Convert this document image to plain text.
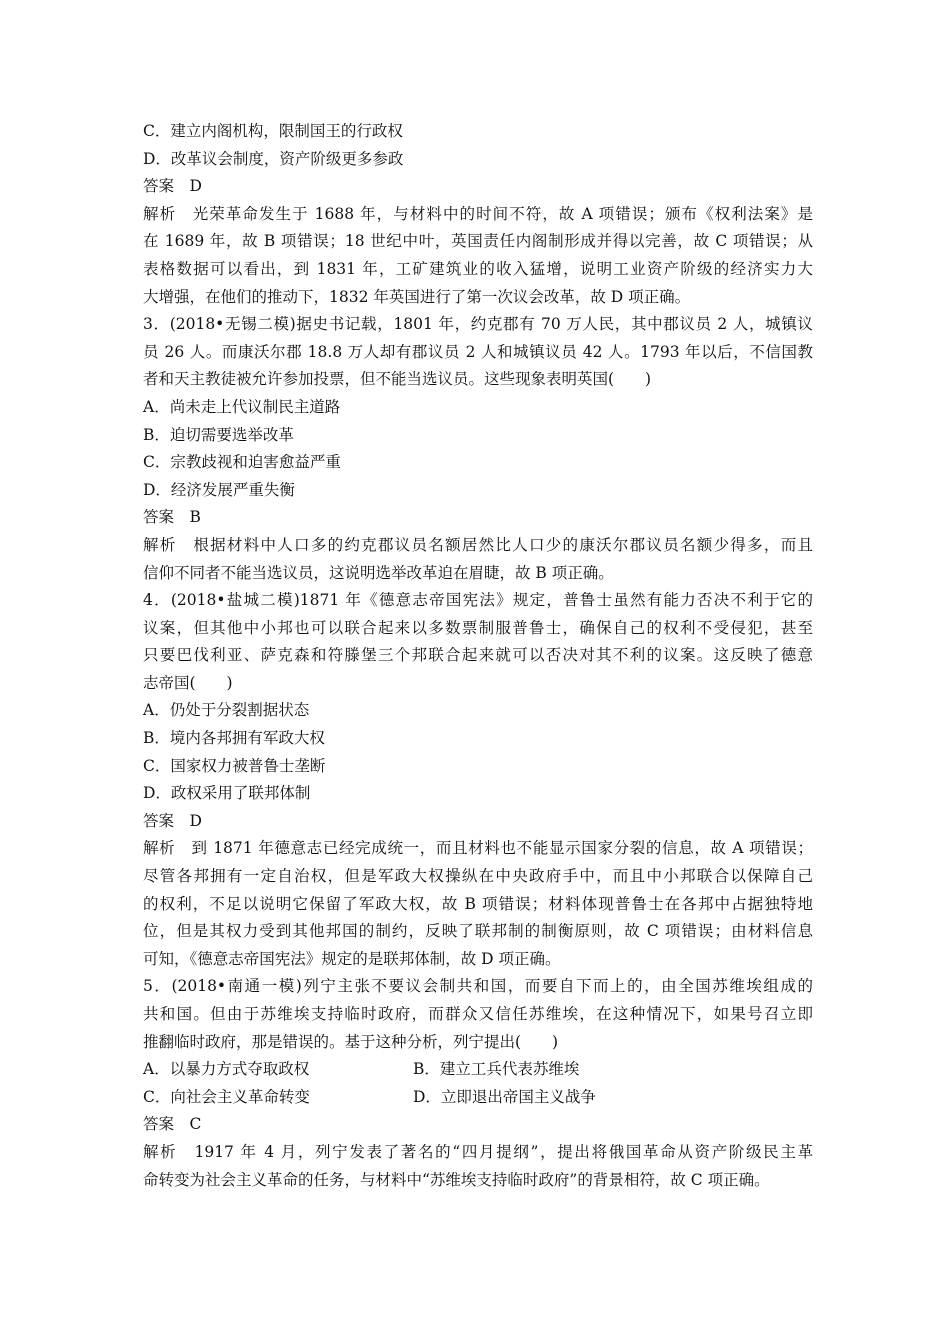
C．建立内阁机构，限制国王的行政权
D．改革议会制度，资产阶级更多参政
答案　D
解析　光荣革命发生于 1688 年，与材料中的时间不符，故 A 项错误；颁布《权利法案》是
在 1689 年，故 B 项错误；18 世纪中叶，英国责任内阁制形成并得以完善，故 C 项错误；从
表格数据可以看出，到 1831 年，工矿建筑业的收入猛增，说明工业资产阶级的经济实力大
大增强，在他们的推动下，1832 年英国进行了第一次议会改革，故 D 项正确。
3．(2018•无锡二模)据史书记载，1801 年，约克郡有 70 万人民，其中郡议员 2 人，城镇议
员 26 人。而康沃尔郡 18.8 万人却有郡议员 2 人和城镇议员 42 人。1793 年以后，不信国教
者和天主教徒被允许参加投票，但不能当选议员。这些现象表明英国(　　)
A．尚未走上代议制民主道路
B．迫切需要选举改革
C．宗教歧视和迫害愈益严重
D．经济发展严重失衡
答案　B
解析　根据材料中人口多的约克郡议员名额居然比人口少的康沃尔郡议员名额少得多，而且
信仰不同者不能当选议员，这说明选举改革迫在眉睫，故 B 项正确。
4．(2018•盐城二模)1871 年《德意志帝国宪法》规定，普鲁士虽然有能力否决不利于它的
议案，但其他中小邦也可以联合起来以多数票制服普鲁士，确保自己的权利不受侵犯，甚至
只要巴伐利亚、萨克森和符滕堡三个邦联合起来就可以否决对其不利的议案。这反映了德意
志帝国(　　)
A．仍处于分裂割据状态
B．境内各邦拥有军政大权
C．国家权力被普鲁士垄断
D．政权采用了联邦体制
答案　D
解析　到 1871 年德意志已经完成统一，而且材料也不能显示国家分裂的信息，故 A 项错误；
尽管各邦拥有一定自治权，但是军政大权操纵在中央政府手中，而且中小邦联合以保障自己
的权利，不足以说明它保留了军政大权，故 B 项错误；材料体现普鲁士在各邦中占据独特地
位，但是其权力受到其他邦国的制约，反映了联邦制的制衡原则，故 C 项错误；由材料信息
可知，《德意志帝国宪法》规定的是联邦体制，故 D 项正确。
5．(2018•南通一模)列宁主张不要议会制共和国，而要自下而上的，由全国苏维埃组成的
共和国。但由于苏维埃支持临时政府，而群众又信任苏维埃，在这种情况下，如果号召立即
推翻临时政府，那是错误的。基于这种分析，列宁提出(　　)
A．以暴力方式夺取政权	B．建立工兵代表苏维埃
C．向社会主义革命转变	D．立即退出帝国主义战争
答案　C
解析　1917 年 4 月，列宁发表了著名的“四月提纲”，提出将俄国革命从资产阶级民主革
命转变为社会主义革命的任务，与材料中“苏维埃支持临时政府”的背景相符，故 C 项正确。
